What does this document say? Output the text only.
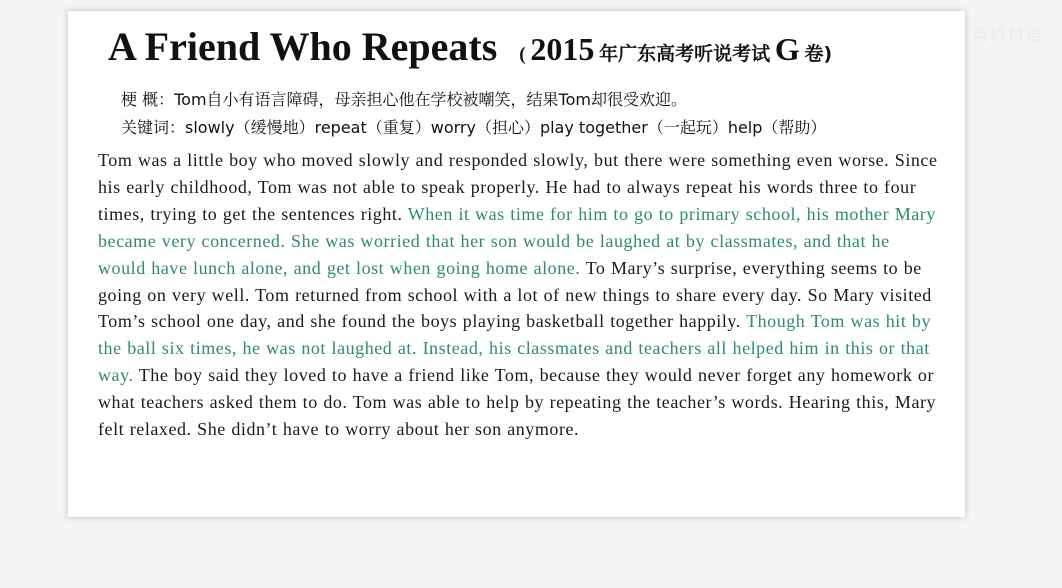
A Friend Who Repeats ( 2015 年广东高考听说考试 G 卷)
梗 概：Tom自小有语言障碍，母亲担心他在学校被嘲笑，结果Tom却很受欢迎。
关键词：slowly（缓慢地）repeat（重复）worry（担心）play together（一起玩）help（帮助）

Tom was a little boy who moved slowly and responded slowly, but there were something even worse. Since his early childhood, Tom was not able to speak properly. He had to always repeat his words three to four times, trying to get the sentences right. When it was time for him to go to primary school, his mother Mary became very concerned. She was worried that her son would be laughed at by classmates, and that he would have lunch alone, and get lost when going home alone. To Mary’s surprise, everything seems to be going on very well. Tom returned from school with a lot of new things to share every day. So Mary visited Tom’s school one day, and she found the boys playing basketball together happily. Though Tom was hit by the ball six times, he was not laughed at. Instead, his classmates and teachers all helped him in this or that way. The boy said they loved to have a friend like Tom, because they would never forget any homework or what teachers asked them to do. Tom was able to help by repeating the teacher’s words. Hearing this, Mary felt relaxed. She didn’t have to worry about her son anymore.

英语口语
